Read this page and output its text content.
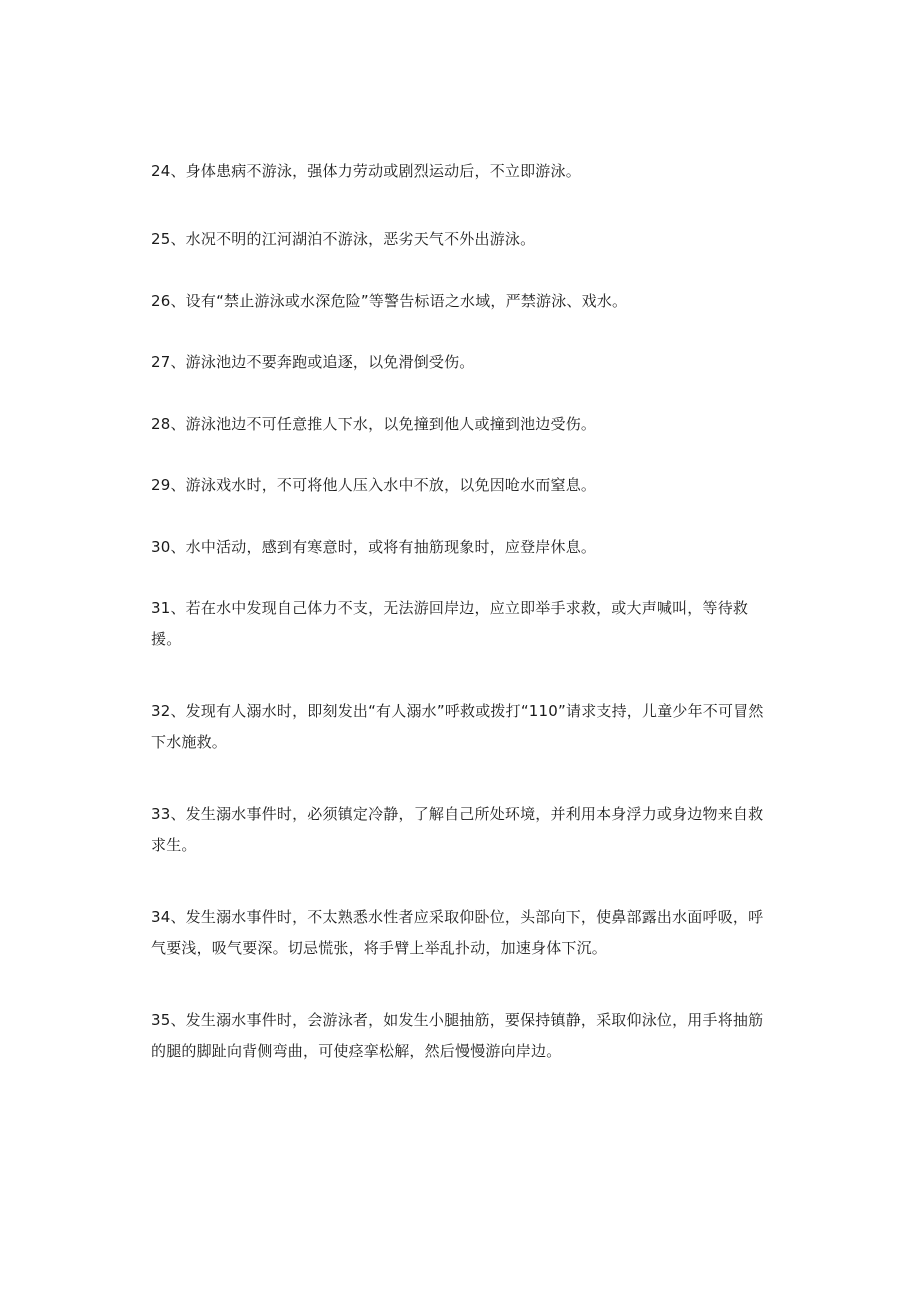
24、身体患病不游泳，强体力劳动或剧烈运动后，不立即游泳。

25、水况不明的江河湖泊不游泳，恶劣天气不外出游泳。

26、设有“禁止游泳或水深危险”等警告标语之水域，严禁游泳、戏水。

27、游泳池边不要奔跑或追逐，以免滑倒受伤。

28、游泳池边不可任意推人下水，以免撞到他人或撞到池边受伤。

29、游泳戏水时，不可将他人压入水中不放，以免因呛水而窒息。

30、水中活动，感到有寒意时，或将有抽筋现象时，应登岸休息。

31、若在水中发现自己体力不支，无法游回岸边，应立即举手求救，或大声喊叫，等待救援。

32、发现有人溺水时，即刻发出“有人溺水”呼救或拨打“110”请求支持，儿童少年不可冒然下水施救。

33、发生溺水事件时，必须镇定冷静，了解自己所处环境，并利用本身浮力或身边物来自救求生。

34、发生溺水事件时，不太熟悉水性者应采取仰卧位，头部向下，使鼻部露出水面呼吸，呼气要浅，吸气要深。切忌慌张，将手臂上举乱扑动，加速身体下沉。

35、发生溺水事件时，会游泳者，如发生小腿抽筋，要保持镇静，采取仰泳位，用手将抽筋的腿的脚趾向背侧弯曲，可使痉挛松解，然后慢慢游向岸边。
